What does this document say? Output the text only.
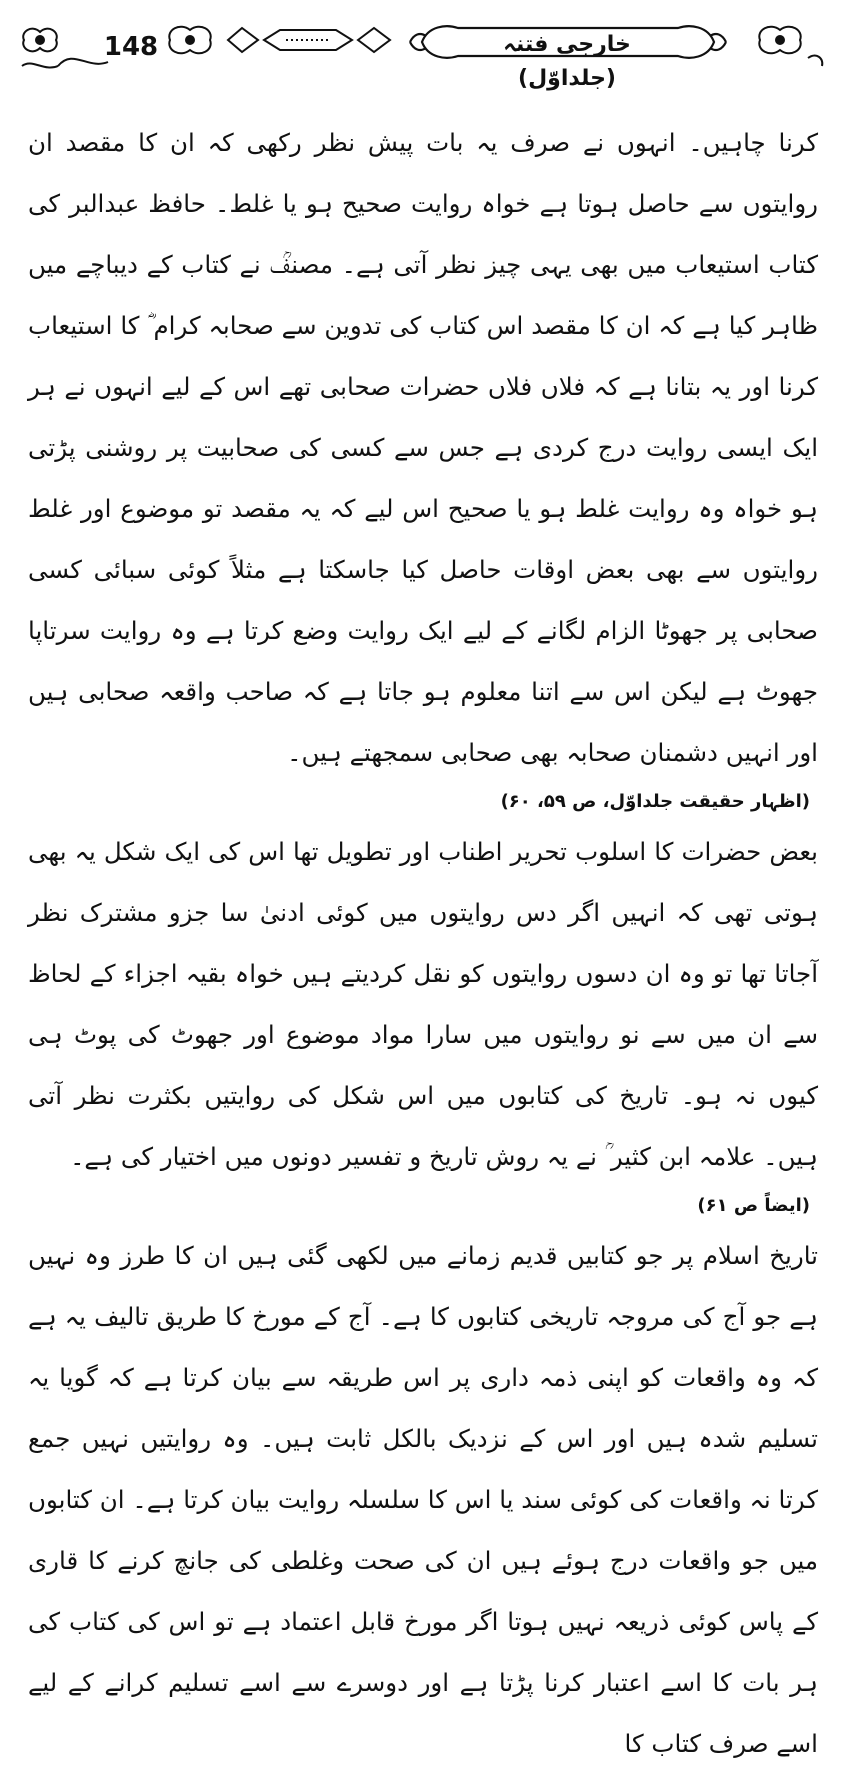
148	خارجی فتنہ (جلداوّل)

کرنا چاہیں۔ انہوں نے صرف یہ بات پیش نظر رکھی کہ ان کا مقصد ان روایتوں سے حاصل ہوتا ہے خواہ روایت صحیح ہو یا غلط۔ حافظ عبدالبر کی کتاب استیعاب میں بھی یہی چیز نظر آتی ہے۔ مصنفؒ نے کتاب کے دیباچے میں ظاہر کیا ہے کہ ان کا مقصد اس کتاب کی تدوین سے صحابہ کرام ؓ کا استیعاب کرنا اور یہ بتانا ہے کہ فلاں فلاں حضرات صحابی تھے اس کے لیے انہوں نے ہر ایک ایسی روایت درج کردی ہے جس سے کسی کی صحابیت پر روشنی پڑتی ہو خواہ وہ روایت غلط ہو یا صحیح اس لیے کہ یہ مقصد تو موضوع اور غلط روایتوں سے بھی بعض اوقات حاصل کیا جاسکتا ہے مثلاً کوئی سبائی کسی صحابی پر جھوٹا الزام لگانے کے لیے ایک روایت وضع کرتا ہے وہ روایت سرتاپا جھوٹ ہے لیکن اس سے اتنا معلوم ہو جاتا ہے کہ صاحب واقعہ صحابی ہیں اور انہیں دشمنان صحابہ بھی صحابی سمجھتے ہیں۔

(اظہار حقیقت جلداوّل، ص ۵۹، ۶۰)

بعض حضرات کا اسلوب تحریر اطناب اور تطویل تھا اس کی ایک شکل یہ بھی ہوتی تھی کہ انہیں اگر دس روایتوں میں کوئی ادنیٰ سا جزو مشترک نظر آجاتا تھا تو وہ ان دسوں روایتوں کو نقل کردیتے ہیں خواہ بقیہ اجزاء کے لحاظ سے ان میں سے نو روایتوں میں سارا مواد موضوع اور جھوٹ کی پوٹ ہی کیوں نہ ہو۔ تاریخ کی کتابوں میں اس شکل کی روایتیں بکثرت نظر آتی ہیں۔ علامہ ابن کثیر ؒ نے یہ روش تاریخ و تفسیر دونوں میں اختیار کی ہے۔

(ایضاً ص ۶۱)

تاریخ اسلام پر جو کتابیں قدیم زمانے میں لکھی گئی ہیں ان کا طرز وہ نہیں ہے جو آج کی مروجہ تاریخی کتابوں کا ہے۔ آج کے مورخ کا طریق تالیف یہ ہے کہ وہ واقعات کو اپنی ذمہ داری پر اس طریقہ سے بیان کرتا ہے کہ گویا یہ تسلیم شدہ ہیں اور اس کے نزدیک بالکل ثابت ہیں۔ وہ روایتیں نہیں جمع کرتا نہ واقعات کی کوئی سند یا اس کا سلسلہ روایت بیان کرتا ہے۔ ان کتابوں میں جو واقعات درج ہوئے ہیں ان کی صحت وغلطی کی جانچ کرنے کا قاری کے پاس کوئی ذریعہ نہیں ہوتا اگر مورخ قابل اعتماد ہے تو اس کی کتاب کی ہر بات کا اسے اعتبار کرنا پڑتا ہے اور دوسرے سے اسے تسلیم کرانے کے لیے اسے صرف کتاب کا
